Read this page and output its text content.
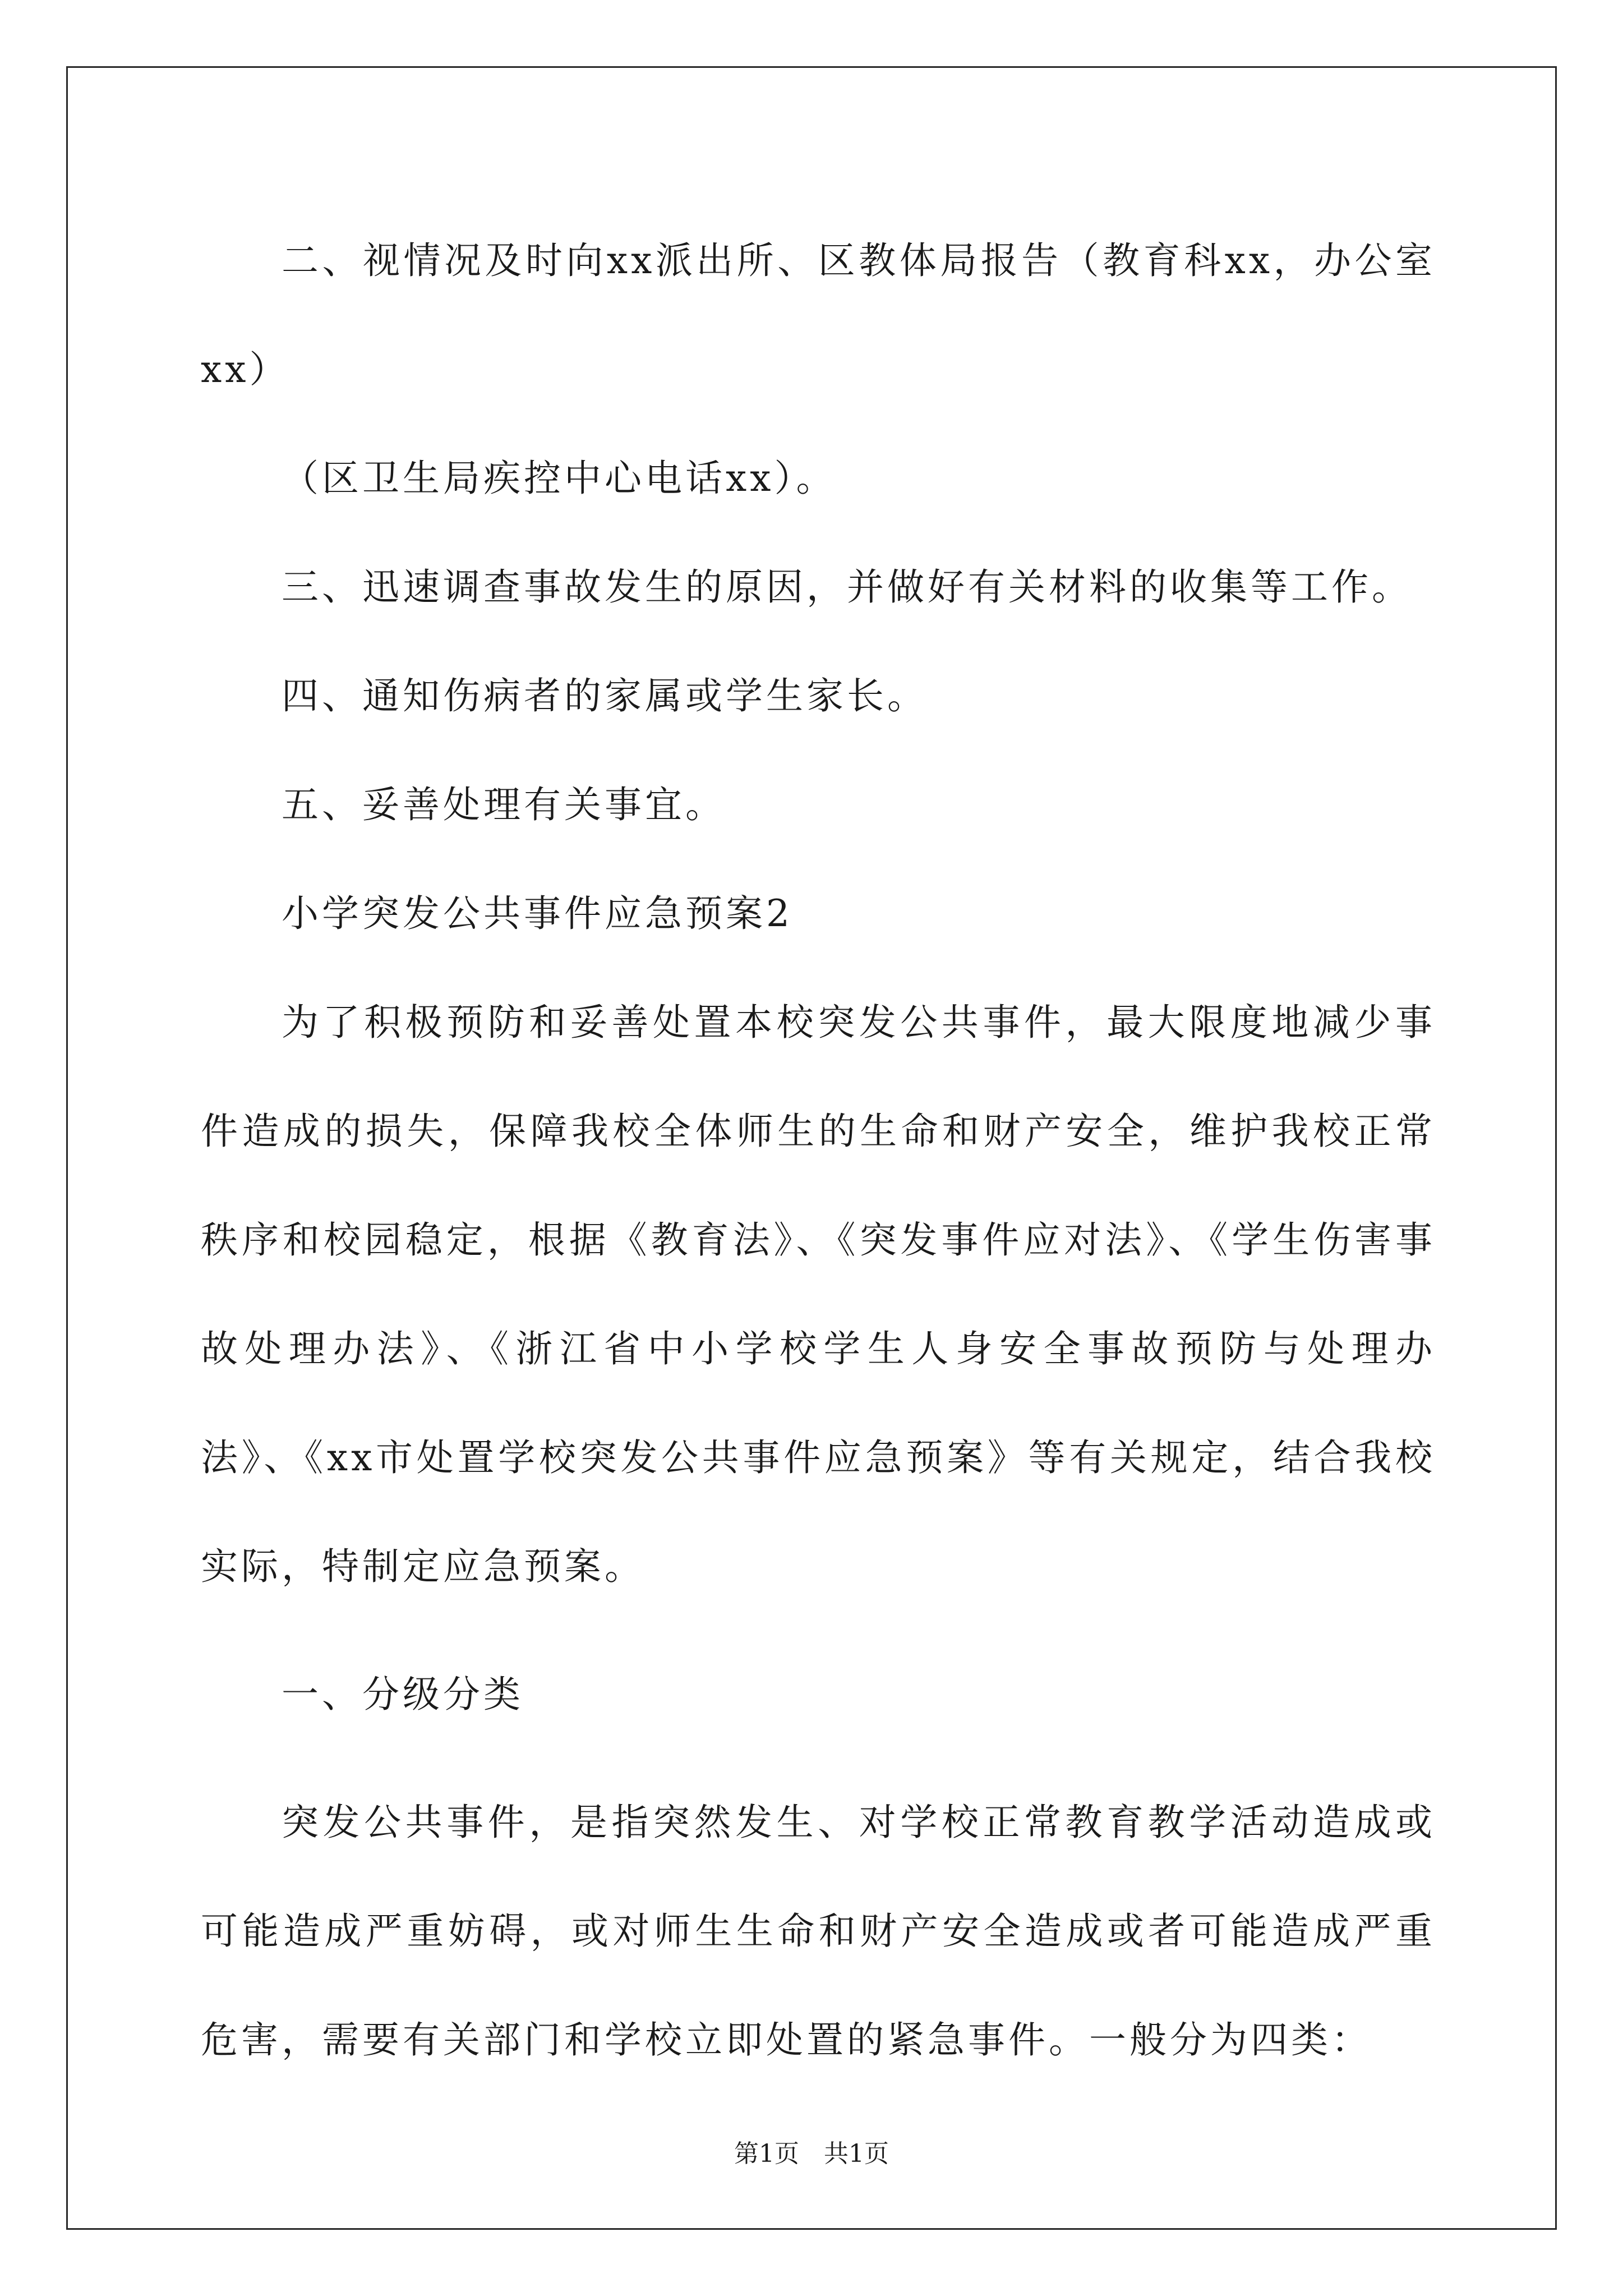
二、视情况及时向xx派出所、区教体局报告（教育科xx，办公室xx）

（区卫生局疾控中心电话xx）。

三、迅速调查事故发生的原因，并做好有关材料的收集等工作。

四、通知伤病者的家属或学生家长。

五、妥善处理有关事宜。

小学突发公共事件应急预案2

为了积极预防和妥善处置本校突发公共事件，最大限度地减少事件造成的损失，保障我校全体师生的生命和财产安全，维护我校正常秩序和校园稳定，根据《教育法》、《突发事件应对法》、《学生伤害事故处理办法》、《浙江省中小学校学生人身安全事故预防与处理办法》、《xx市处置学校突发公共事件应急预案》等有关规定，结合我校实际，特制定应急预案。

一、分级分类

突发公共事件，是指突然发生、对学校正常教育教学活动造成或可能造成严重妨碍，或对师生生命和财产安全造成或者可能造成严重危害，需要有关部门和学校立即处置的紧急事件。一般分为四类：

第1页 共1页
